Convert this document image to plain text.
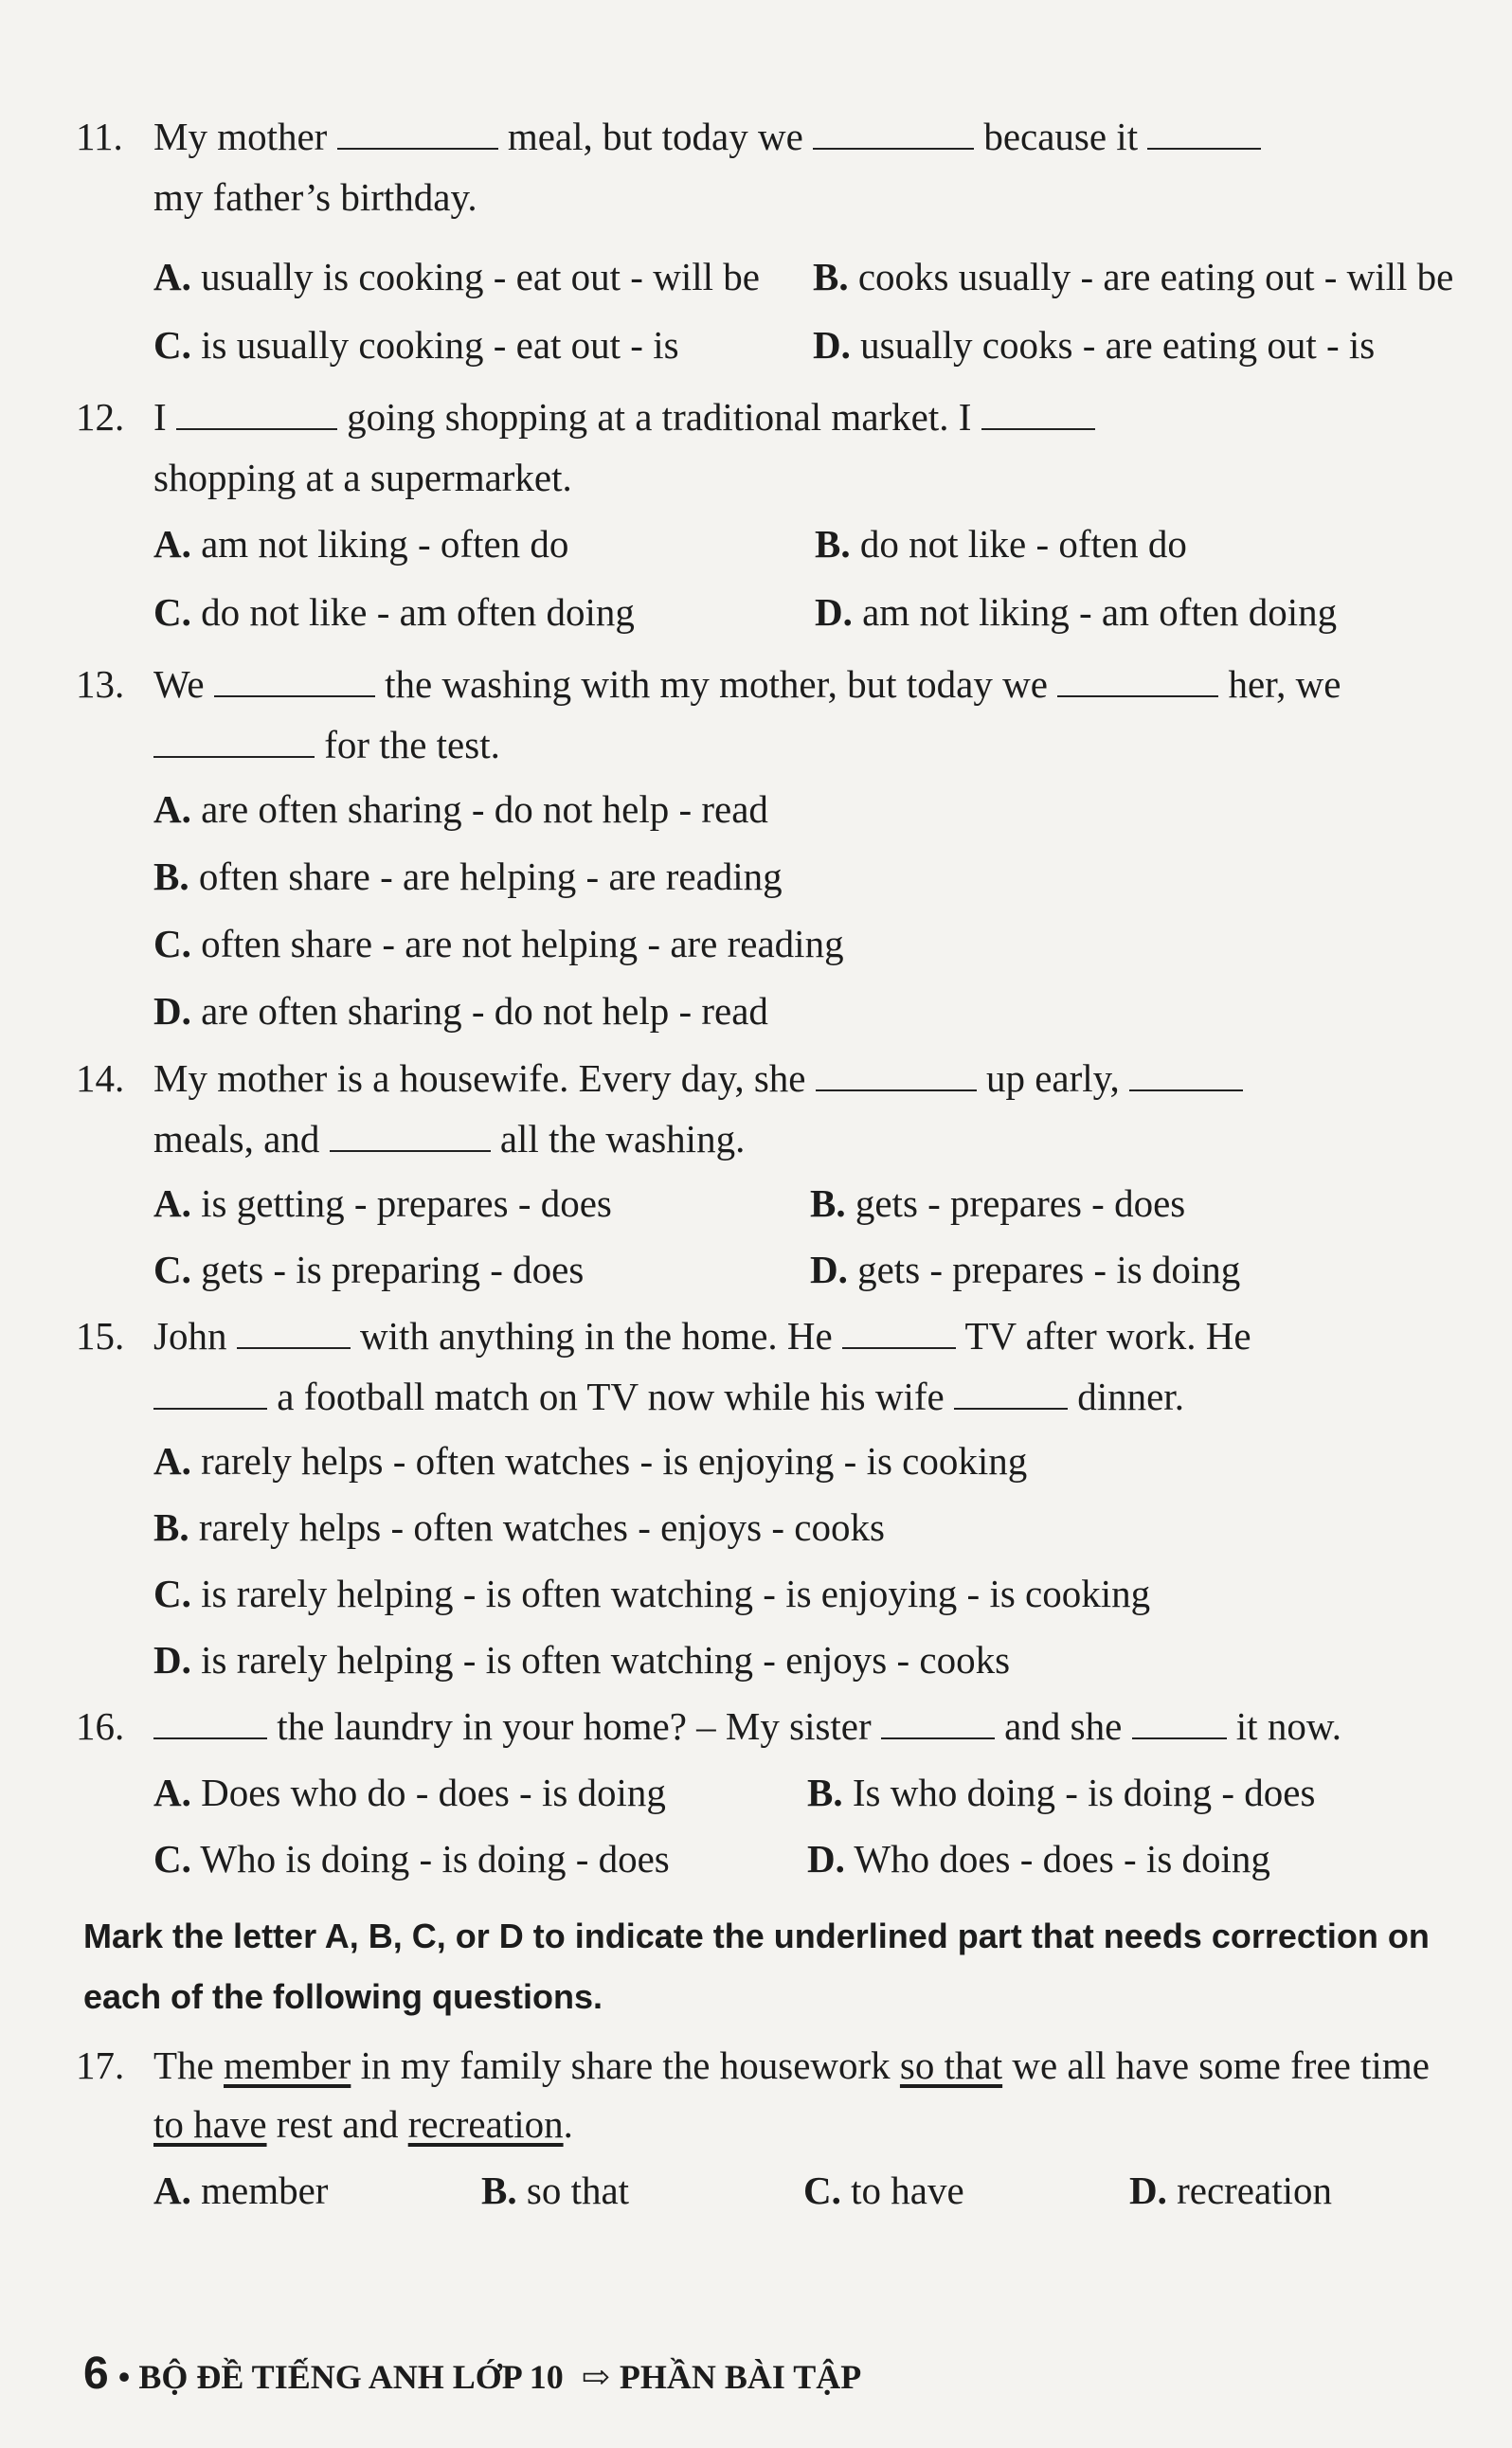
11. My mother	meal, but today we	because it
my father’s birthday.
A. usually is cooking - eat out - will be B. cooks usually - are eating out - will be
C. is usually cooking - eat out - is	D. usually cooks - are eating out - is
12. I	going shopping at a traditional market. I
shopping at a supermarket.
A. am not liking - often do	B. do not like - often do
C. do not like - am often doing	D. am not liking - am often doing
13. We	the washing with my mother, but today we	her, we
for the test.
A. are often sharing - do not help - read
B. often share - are helping - are reading
C. often share - are not helping - are reading
D. are often sharing - do not help - read
14. My mother is a housewife. Every day, she	up early,
meals, and	all the washing.
A. is getting - prepares - does	B. gets - prepares - does
C. gets - is preparing - does	D. gets - prepares - is doing
15. John	with anything in the home. He	TV after work. He
a football match on TV now while his wife	dinner.
A. rarely helps - often watches - is enjoying - is cooking
B. rarely helps - often watches - enjoys - cooks
C. is rarely helping - is often watching - is enjoying - is cooking
D. is rarely helping - is often watching - enjoys - cooks
16.	the laundry in your home? – My sister	and she	it now.
A. Does who do - does - is doing	B. Is who doing - is doing - does
C. Who is doing - is doing - does	D. Who does - does - is doing
Mark the letter A, B, C, or D to indicate the underlined part that needs correction on each of the following questions.
17. The member in my family share the housework so that we all have some free time
to have rest and recreation.
A. member	B. so that	C. to have	D. recreation
6 • BỘ ĐỀ TIẾNG ANH LỚP 10 ⇨ PHẦN BÀI TẬP
